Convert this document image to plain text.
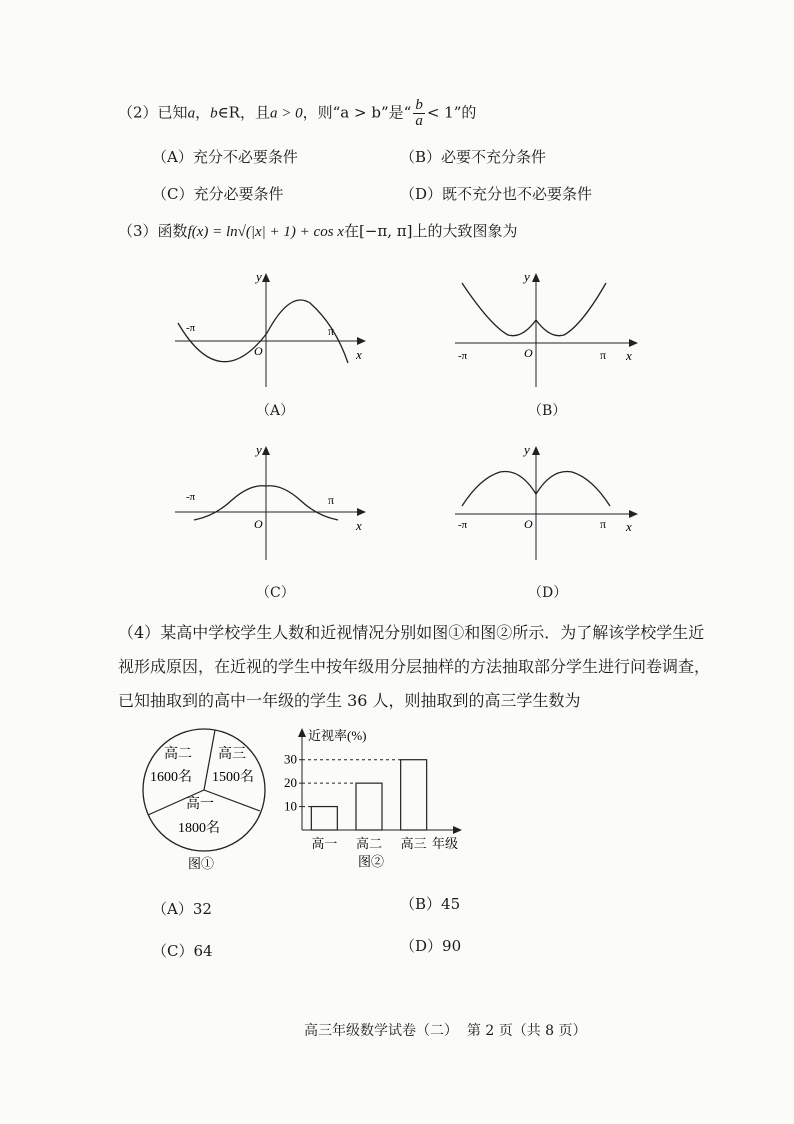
（2）已知a，b∈R，且a > 0，则“a > b”是“ $\frac{b}{a} < 1$”的
（A）充分不必要条件	（B）必要不充分条件
（C）充分必要条件	（D）既不充分也不必要条件
（3）函数f(x) = ln√(|x| + 1) + cos x在[−π, π]上的大致图象为
y
x
O
-π	π
（A）
y
x
O
-π	π
（B）
y
x
O
-π	π
（C）
y
x
O
-π	π
（D）
（4）某高中学校学生人数和近视情况分别如图①和图②所示．为了解该学校学生近
视形成原因，在近视的学生中按年级用分层抽样的方法抽取部分学生进行问卷调查，
已知抽取到的高中一年级的学生 36 人，则抽取到的高三学生数为
高二
1600名
高三
1500名
高一
1800名
图①
近视率(%)
年级
图②
10
20
30
高一 高二 高三
（A）32	（B）45
（C）64	（D）90
高三年级数学试卷（二） 第 2 页（共 8 页）
